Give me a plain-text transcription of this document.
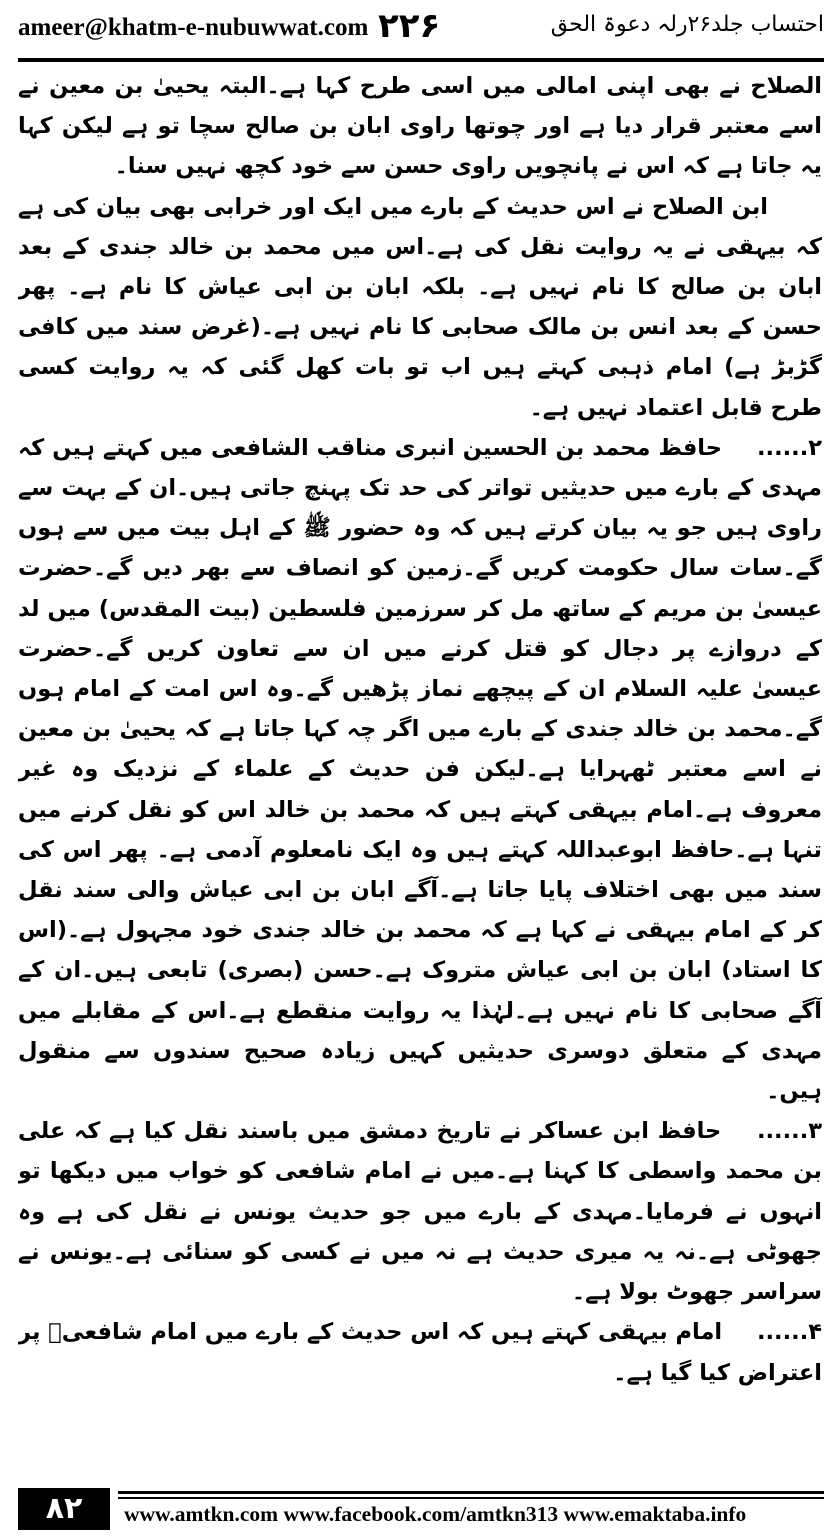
ameer@khatm-e-nubuwwat.com ۲۲۶	احتساب جلد۲۶رلہ دعوۃ الحق

الصلاح نے بھی اپنی امالی میں اسی طرح کہا ہے۔البتہ یحییٰ بن معین نے اسے معتبر قرار دیا ہے اور چوتھا راوی ابان بن صالح سچا تو ہے لیکن کہا یہ جاتا ہے کہ اس نے پانچویں راوی حسن سے خود کچھ نہیں سنا۔

ابن الصلاح نے اس حدیث کے بارے میں ایک اور خرابی بھی بیان کی ہے کہ بیہقی نے یہ روایت نقل کی ہے۔اس میں محمد بن خالد جندی کے بعد ابان بن صالح کا نام نہیں ہے۔ بلکہ ابان بن ابی عیاش کا نام ہے۔ پھر حسن کے بعد انس بن مالک صحابی کا نام نہیں ہے۔(غرض سند میں کافی گڑبڑ ہے) امام ذہبی کہتے ہیں اب تو بات کھل گئی کہ یہ روایت کسی طرح قابل اعتماد نہیں ہے۔

۲...... حافظ محمد بن الحسین انبری مناقب الشافعی میں کہتے ہیں کہ مہدی کے بارے میں حدیثیں تواتر کی حد تک پہنچ جاتی ہیں۔ان کے بہت سے راوی ہیں جو یہ بیان کرتے ہیں کہ وہ حضور ﷺ کے اہل بیت میں سے ہوں گے۔سات سال حکومت کریں گے۔زمین کو انصاف سے بھر دیں گے۔حضرت عیسیٰ بن مریم کے ساتھ مل کر سرزمین فلسطین (بیت المقدس) میں لد کے دروازے پر دجال کو قتل کرنے میں ان سے تعاون کریں گے۔حضرت عیسیٰ علیہ السلام ان کے پیچھے نماز پڑھیں گے۔وہ اس امت کے امام ہوں گے۔محمد بن خالد جندی کے بارے میں اگر چہ کہا جاتا ہے کہ یحییٰ بن معین نے اسے معتبر ٹھہرایا ہے۔لیکن فن حدیث کے علماء کے نزدیک وہ غیر معروف ہے۔امام بیہقی کہتے ہیں کہ محمد بن خالد اس کو نقل کرنے میں تنہا ہے۔حافظ ابوعبداللہ کہتے ہیں وہ ایک نامعلوم آدمی ہے۔ پھر اس کی سند میں بھی اختلاف پایا جاتا ہے۔آگے ابان بن ابی عیاش والی سند نقل کر کے امام بیہقی نے کہا ہے کہ محمد بن خالد جندی خود مجہول ہے۔(اس کا استاد) ابان بن ابی عیاش متروک ہے۔حسن (بصری) تابعی ہیں۔ان کے آگے صحابی کا نام نہیں ہے۔لہٰذا یہ روایت منقطع ہے۔اس کے مقابلے میں مہدی کے متعلق دوسری حدیثیں کہیں زیادہ صحیح سندوں سے منقول ہیں۔

۳...... حافظ ابن عساکر نے تاریخ دمشق میں باسند نقل کیا ہے کہ علی بن محمد واسطی کا کہنا ہے۔میں نے امام شافعی کو خواب میں دیکھا تو انہوں نے فرمایا۔مہدی کے بارے میں جو حدیث یونس نے نقل کی ہے وہ جھوٹی ہے۔نہ یہ میری حدیث ہے نہ میں نے کسی کو سنائی ہے۔یونس نے سراسر جھوٹ بولا ہے۔

۴...... امام بیہقی کہتے ہیں کہ اس حدیث کے بارے میں امام شافعیؒ پر اعتراض کیا گیا ہے۔

۸۲	www.amtkn.com www.facebook.com/amtkn313 www.emaktaba.info
